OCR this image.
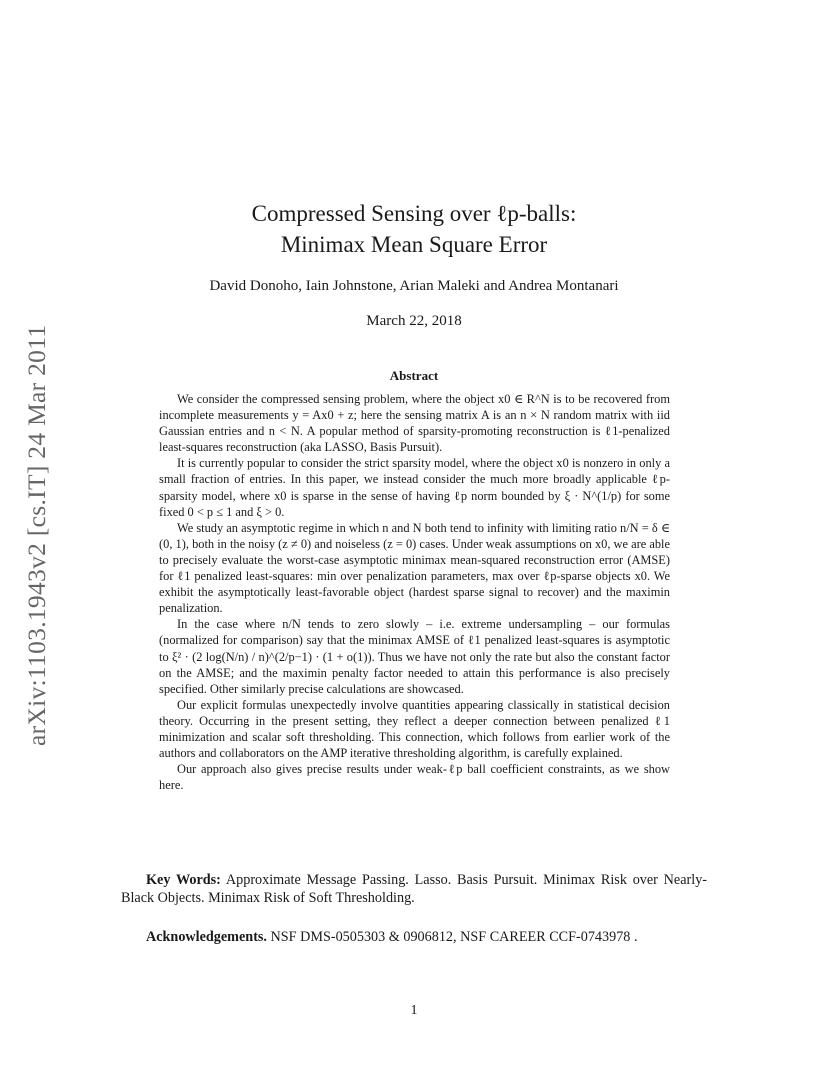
arXiv:1103.1943v2 [cs.IT] 24 Mar 2011
Compressed Sensing over ℓp-balls:
Minimax Mean Square Error
David Donoho, Iain Johnstone, Arian Maleki and Andrea Montanari
March 22, 2018
Abstract

We consider the compressed sensing problem, where the object x0 ∈ R^N is to be recovered from incomplete measurements y = Ax0 + z; here the sensing matrix A is an n × N random matrix with iid Gaussian entries and n < N. A popular method of sparsity-promoting reconstruction is ℓ1-penalized least-squares reconstruction (aka LASSO, Basis Pursuit).

It is currently popular to consider the strict sparsity model, where the object x0 is nonzero in only a small fraction of entries. In this paper, we instead consider the much more broadly applicable ℓp-sparsity model, where x0 is sparse in the sense of having ℓp norm bounded by ξ · N^(1/p) for some fixed 0 < p ≤ 1 and ξ > 0.

We study an asymptotic regime in which n and N both tend to infinity with limiting ratio n/N = δ ∈ (0, 1), both in the noisy (z ≠ 0) and noiseless (z = 0) cases. Under weak assumptions on x0, we are able to precisely evaluate the worst-case asymptotic minimax mean-squared reconstruction error (AMSE) for ℓ1 penalized least-squares: min over penalization parameters, max over ℓp-sparse objects x0. We exhibit the asymptotically least-favorable object (hardest sparse signal to recover) and the maximin penalization.

In the case where n/N tends to zero slowly – i.e. extreme undersampling – our formulas (normalized for comparison) say that the minimax AMSE of ℓ1 penalized least-squares is asymptotic to ξ² · (2 log(N/n) / n)^(2/p−1) · (1 + o(1)). Thus we have not only the rate but also the constant factor on the AMSE; and the maximin penalty factor needed to attain this performance is also precisely specified. Other similarly precise calculations are showcased.

Our explicit formulas unexpectedly involve quantities appearing classically in statistical decision theory. Occurring in the present setting, they reflect a deeper connection between penalized ℓ1 minimization and scalar soft thresholding. This connection, which follows from earlier work of the authors and collaborators on the AMP iterative thresholding algorithm, is carefully explained.

Our approach also gives precise results under weak-ℓp ball coefficient constraints, as we show here.

Key Words: Approximate Message Passing. Lasso. Basis Pursuit. Minimax Risk over Nearly-Black Objects. Minimax Risk of Soft Thresholding.
Acknowledgements. NSF DMS-0505303 & 0906812, NSF CAREER CCF-0743978 .
1
